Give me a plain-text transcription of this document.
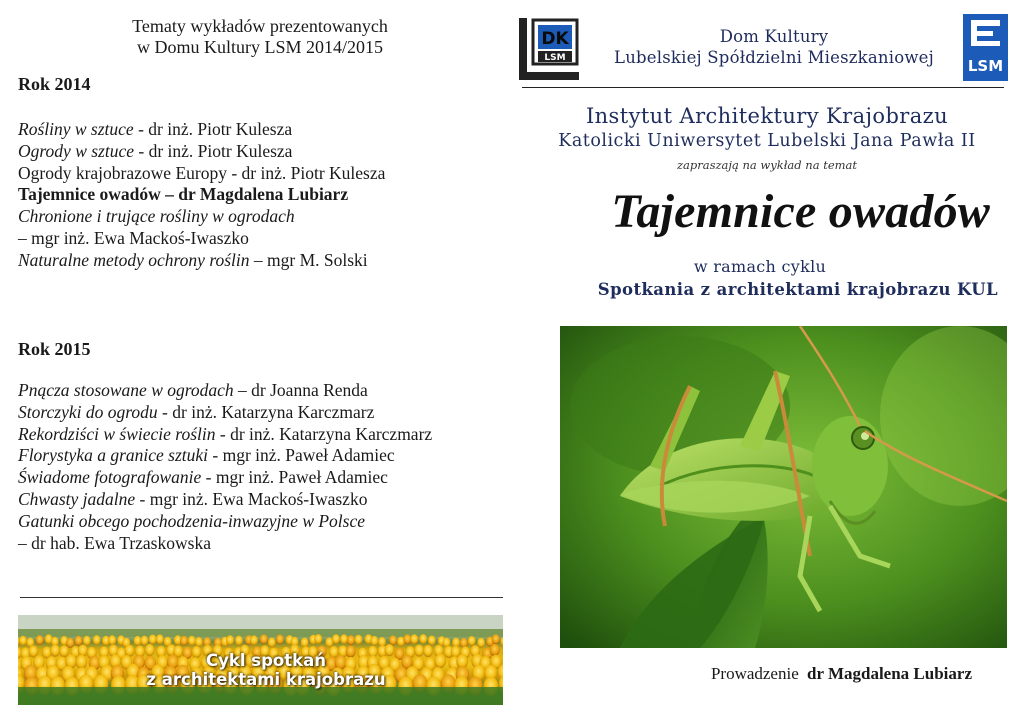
Tematy wykładów prezentowanych
w Domu Kultury LSM 2014/2015
Rok 2014
Rośliny w sztuce - dr inż. Piotr Kulesza
Ogrody w sztuce - dr inż. Piotr Kulesza
Ogrody krajobrazowe Europy - dr inż. Piotr Kulesza
Tajemnice owadów – dr Magdalena Lubiarz
Chronione i trujące rośliny w ogrodach
– mgr inż. Ewa Mackoś-Iwaszko
Naturalne metody ochrony roślin – mgr M. Solski
Rok 2015
Pnącza stosowane w ogrodach – dr Joanna Renda
Storczyki do ogrodu - dr inż. Katarzyna Karczmarz
Rekordziści w świecie roślin - dr inż. Katarzyna Karczmarz
Florystyka a granice sztuki - mgr inż. Paweł Adamiec
Świadome fotografowanie - mgr inż. Paweł Adamiec
Chwasty jadalne - mgr inż. Ewa Mackoś-Iwaszko
Gatunki obcego pochodzenia-inwazyjne w Polsce
– dr hab. Ewa Trzaskowska
Cykl spotkań
z architektami krajobrazu
DK
LSM
Dom Kultury
Lubelskiej Spółdzielni Mieszkaniowej	LSM
Instytut Architektury Krajobrazu
Katolicki Uniwersytet Lubelski Jana Pawła II
zapraszają na wykład na temat
Tajemnice owadów
w ramach cyklu
Spotkania z architektami krajobrazu KUL
Prowadzenie dr Magdalena Lubiarz
